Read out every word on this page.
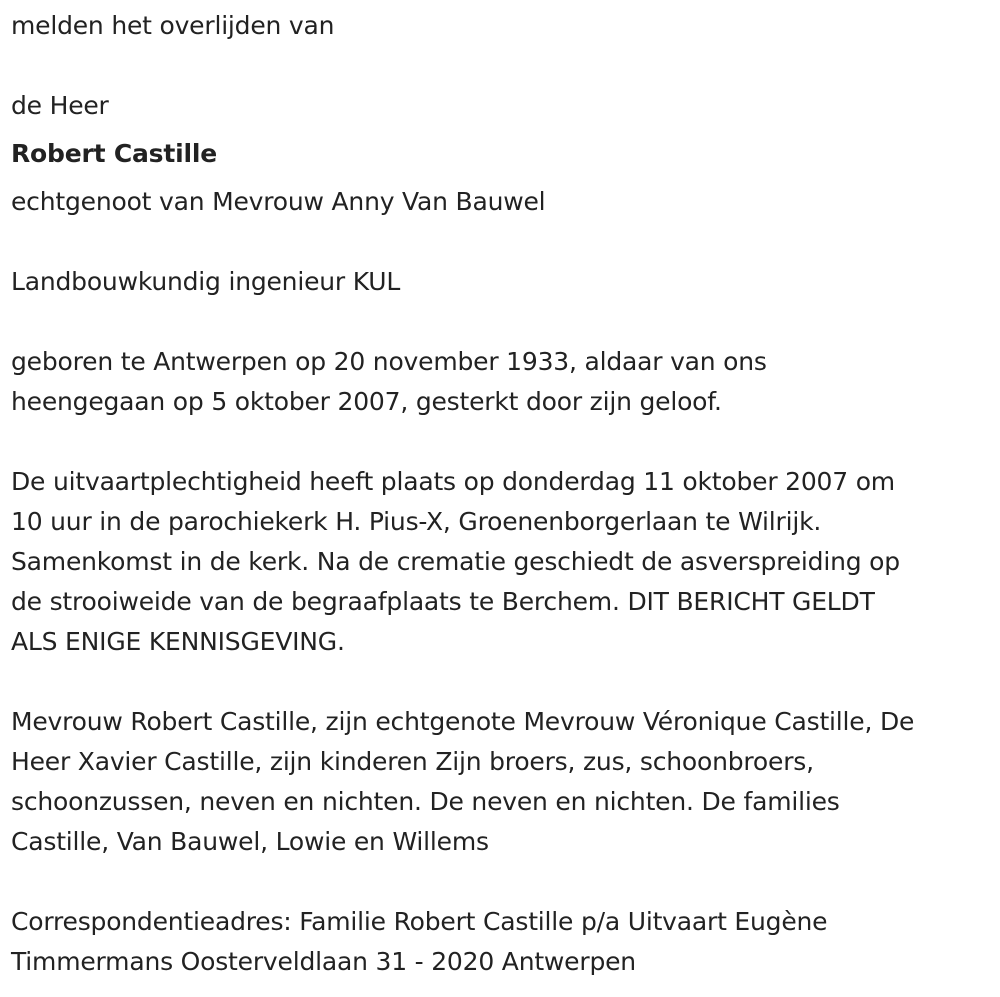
melden het overlijden van
de Heer
Robert Castille
echtgenoot van Mevrouw Anny Van Bauwel
Landbouwkundig ingenieur KUL
geboren te Antwerpen op 20 november 1933, aldaar van ons
heengegaan op 5 oktober 2007, gesterkt door zijn geloof.
De uitvaartplechtigheid heeft plaats op donderdag 11 oktober 2007 om
10 uur in de parochiekerk H. Pius-X, Groenenborgerlaan te Wilrijk.
Samenkomst in de kerk. Na de crematie geschiedt de asverspreiding op
de strooiweide van de begraafplaats te Berchem. DIT BERICHT GELDT
ALS ENIGE KENNISGEVING.
Mevrouw Robert Castille, zijn echtgenote Mevrouw Véronique Castille, De
Heer Xavier Castille, zijn kinderen Zijn broers, zus, schoonbroers,
schoonzussen, neven en nichten. De neven en nichten. De families
Castille, Van Bauwel, Lowie en Willems
Correspondentieadres: Familie Robert Castille p/a Uitvaart Eugène
Timmermans Oosterveldlaan 31 - 2020 Antwerpen
